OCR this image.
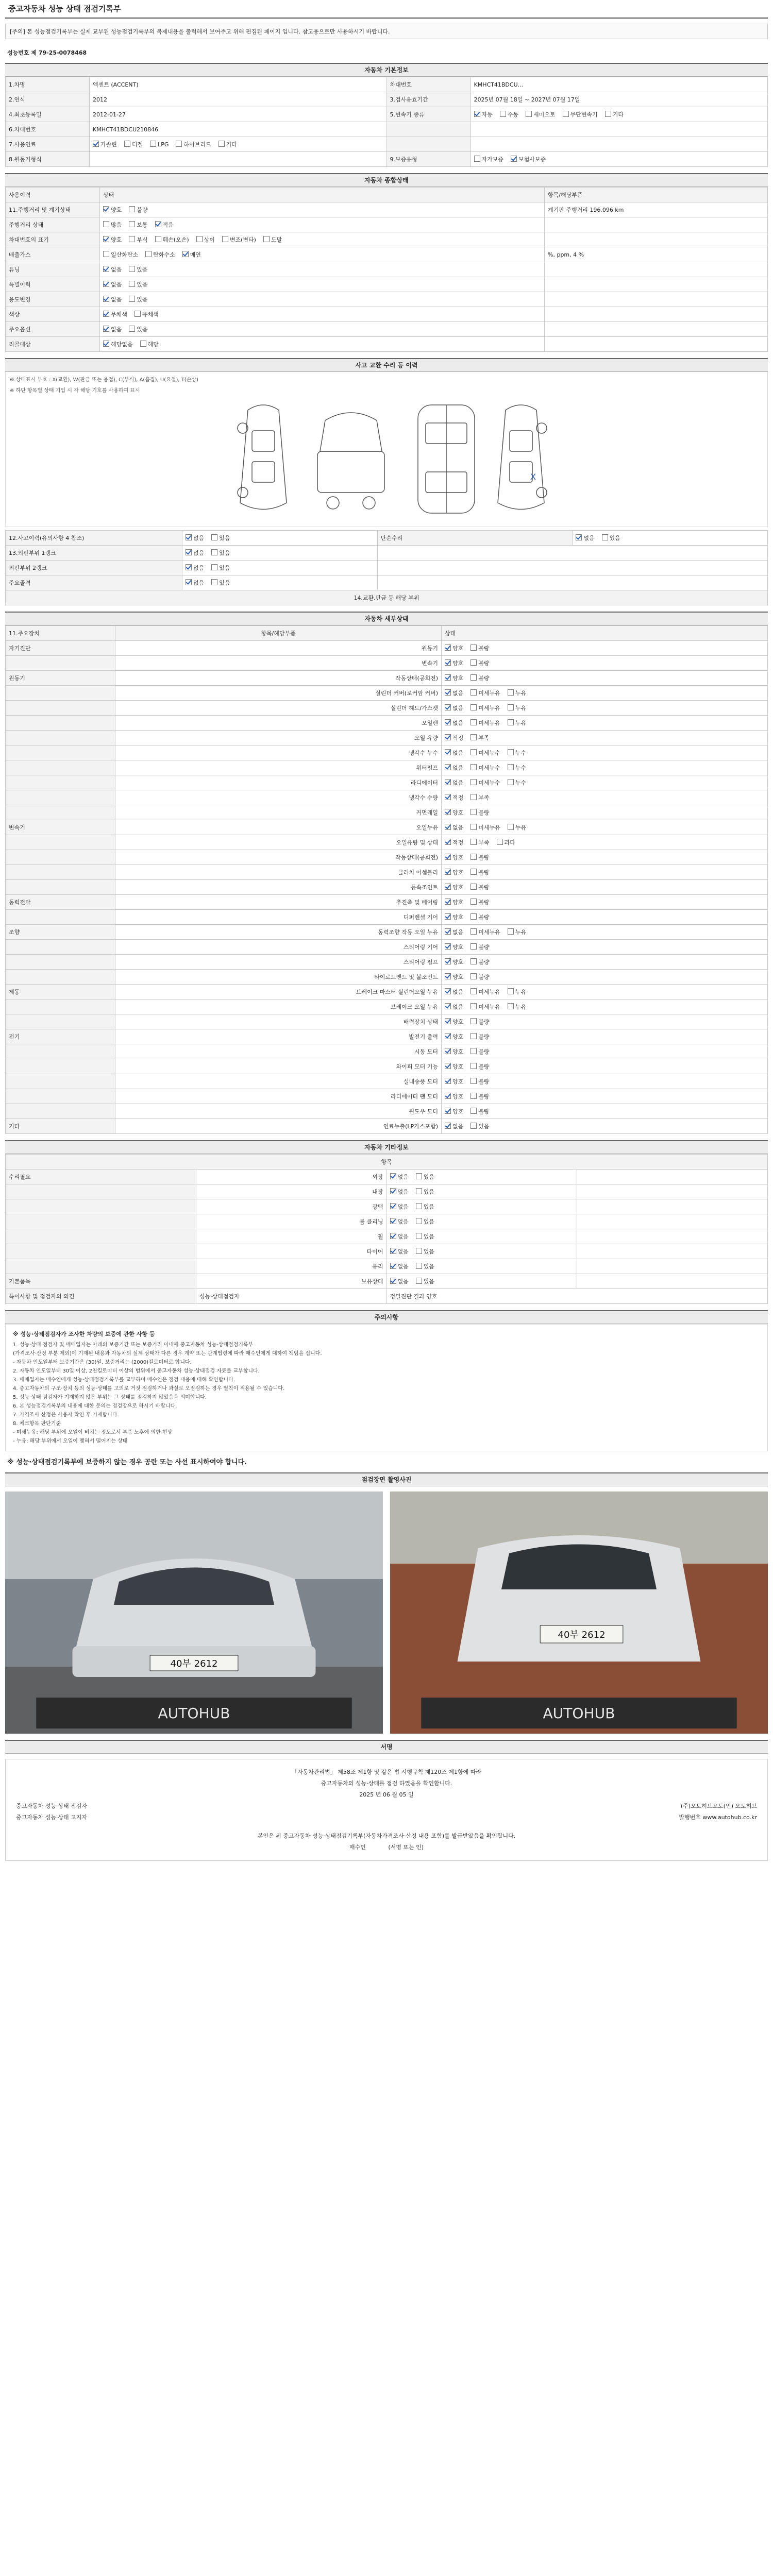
중고자동차 성능 상태 점검기록부
[주의] 본 성능점검기록부는 실제 교부된 성능점검기록부의 복제내용을 출력해서 보여주고 위해 편집된 페이지 입니다. 참고용으로만 사용하시기 바랍니다.
성능번호 제 79-25-0078468
자동차 기본정보
1.차명	엑센트 (ACCENT)	차대번호	KMHCT41BDCU...
2.연식	2012	3.검사유효기간	2025년 07월 18일 ~ 2027년 07월 17일
4.최초등록일	2012-01-27	5.변속기 종류	자동 수동 세미오토 무단변속기 기타
6.차대번호	KMHCT41BDCU210846		
7.사용연료	가솔린 디젤 LPG 하이브리드 기타		
8.원동기형식		9.보증유형	자가보증 보험사보증
자동차 종합상태
사용이력	상태	항목/해당부품
11.주행거리 및 계기상태	양호 불량	계기판 주행거리 196,096 km
주행거리 상태	많음 보통 적음	
차대번호의 표기	양호 부식 훼손(오손) 상이 변조(변타) 도말	
배출가스	일산화탄소 탄화수소 매연	%, ppm, 4 %
튜닝	없음 있음	
특별이력	없음 있음	
용도변경	없음 있음	
색상	무채색 유채색	
주요옵션	없음 있음	
리콜대상	해당없음 해당	
사고 교환 수리 등 이력
※ 상태표시 부호 : X(교환), W(판금 또는 용접), C(부식), A(흠집), U(요철), T(손상)
※ 하단 항목별 상태 기입 시 각 해당 기호를 사용하여 표시
X
12.사고이력(유의사항 4 참조)	없음 있음	단순수리	없음 있음
13.외판부위 1랭크	없음 있음		
외판부위 2랭크	없음 있음		
주요골격	없음 있음		
14.교환,판금 등 해당 부위			
자동차 세부상태
11.주요장치	항목/해당부품	상태
자기진단	원동기	양호 불량
	변속기	양호 불량
원동기	작동상태(공회전)	양호 불량
	실린더 커버(로커암 커버)	없음 미세누유 누유
	실린더 헤드/가스켓	없음 미세누유 누유
	오일팬	없음 미세누유 누유
	오일 유량	적정 부족
	냉각수 누수	없음 미세누수 누수
	워터펌프	없음 미세누수 누수
	라디에이터	없음 미세누수 누수
	냉각수 수량	적정 부족
	커먼레일	양호 불량
변속기	오일누유	없음 미세누유 누유
	오일유량 및 상태	적정 부족 과다
	작동상태(공회전)	양호 불량
	클러치 어셈블리	양호 불량
	등속조인트	양호 불량
동력전달	추진축 및 베어링	양호 불량
	디퍼렌셜 기어	양호 불량
조향	동력조향 작동 오일 누유	없음 미세누유 누유
	스티어링 기어	양호 불량
	스티어링 펌프	양호 불량
	타이로드엔드 및 볼조인트	양호 불량
제동	브레이크 마스터 실린더오일 누유	없음 미세누유 누유
	브레이크 오일 누유	없음 미세누유 누유
	배력장치 상태	양호 불량
전기	발전기 출력	양호 불량
	시동 모터	양호 불량
	와이퍼 모터 기능	양호 불량
	실내송풍 모터	양호 불량
	라디에이터 팬 모터	양호 불량
	윈도우 모터	양호 불량
기타	연료누출(LP가스포함)	없음 있음
자동차 기타정보
항목			
수리필요	외장	없음 있음	
	내장	없음 있음	
	광택	없음 있음	
	룸 클리닝	없음 있음	
	휠	없음 있음	
	타이어	없음 있음	
	유리	없음 있음	
기본품목	보유상태	없음 있음	
특이사항 및 점검자의 의견	성능·상태점검자	정밀진단 결과 양호	
주의사항

※ 성능·상태점검자가 조사한 차량의 보증에 관한 사항 등

1. 성능·상태 점검자 및 매매업자는 아래의 보증기간 또는 보증거리 이내에 중고자동차 성능·상태점검기록부

(가격조사·산정 부분 제외)에 기재된 내용과 자동차의 실제 상태가 다른 경우 계약 또는 관계법령에 따라 매수인에게 대하여 책임을 집니다.

- 자동차 인도일부터 보증기간은 (30)일, 보증거리는 (2000)킬로미터로 합니다.

2. 자동차 인도일부터 30일 이상, 2천킬로미터 이상의 범위에서 중고자동차 성능·상태점검 자료를 교부합니다.

3. 매매업자는 매수인에게 성능·상태점검기록부를 교부하며 매수인은 점검 내용에 대해 확인합니다.

4. 중고자동차의 구조·장치 등의 성능·상태를 고의로 거짓 점검하거나 과실로 오점검하는 경우 벌칙이 적용될 수 있습니다.

5. 성능·상태 점검자가 기재하지 않은 부위는 그 상태를 점검하지 않았음을 의미합니다.

6. 본 성능점검기록부의 내용에 대한 문의는 점검장으로 하시기 바랍니다.

7. 가격조사 산정은 사용자 확인 후 기재합니다.

8. 체크항목 판단기준

- 미세누유: 해당 부위에 오일이 비치는 정도로서 부품 노후에 의한 현상

- 누유: 해당 부위에서 오일이 맺혀서 떨어지는 상태

※ 성능·상태점검기록부에 보증하지 않는 경우 공란 또는 사선 표시하여야 합니다.
점검장면 촬영사진
40부 2612
AUTOHUB
40부 2612
AUTOHUB
서명
「자동차관리법」 제58조 제1항 및 같은 법 시행규칙 제120조 제1항에 따라
중고자동차의 성능·상태를 점검 하였음을 확인합니다.
2025 년 06 월 05 일
중고자동차 성능·상태 점검자	(주)오토허브오토(인) 오토허브
중고자동차 성능·상태 고지자	발행번호 www.autohub.co.kr
본인은 위 중고자동차 성능·상태점검기록부(자동차가격조사·산정 내용 포함)를 발급받았음을 확인합니다.
매수인	(서명 또는 인)
